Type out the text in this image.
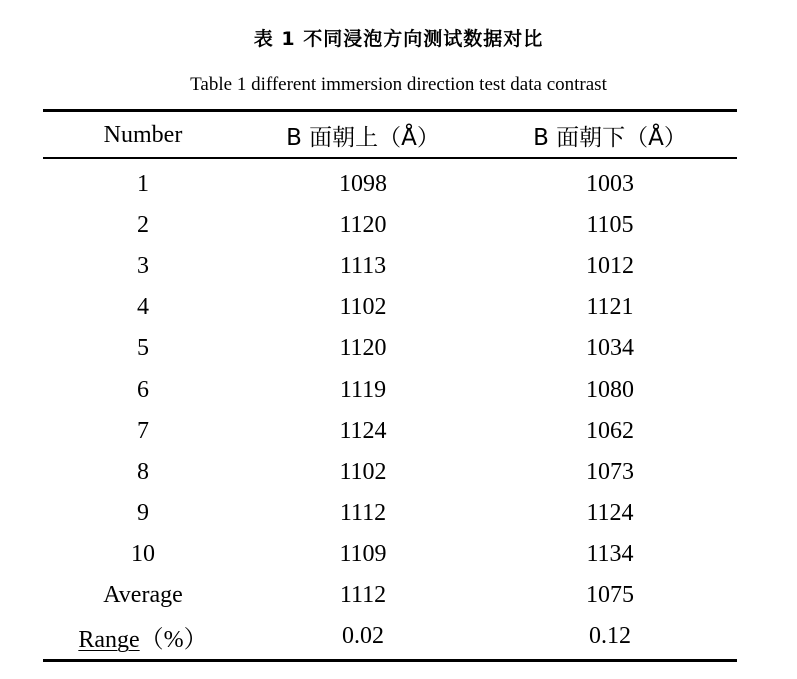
表 1 不同浸泡方向测试数据对比
Table 1 different immersion direction test data contrast
Number	B 面朝上（Å）	B 面朝下（Å）
1	1098	1003
2	1120	1105
3	1113	1012
4	1102	1121
5	1120	1034
6	1119	1080
7	1124	1062
8	1102	1073
9	1112	1124
10	1109	1134
Average	1112	1075
Range（%）	0.02	0.12
